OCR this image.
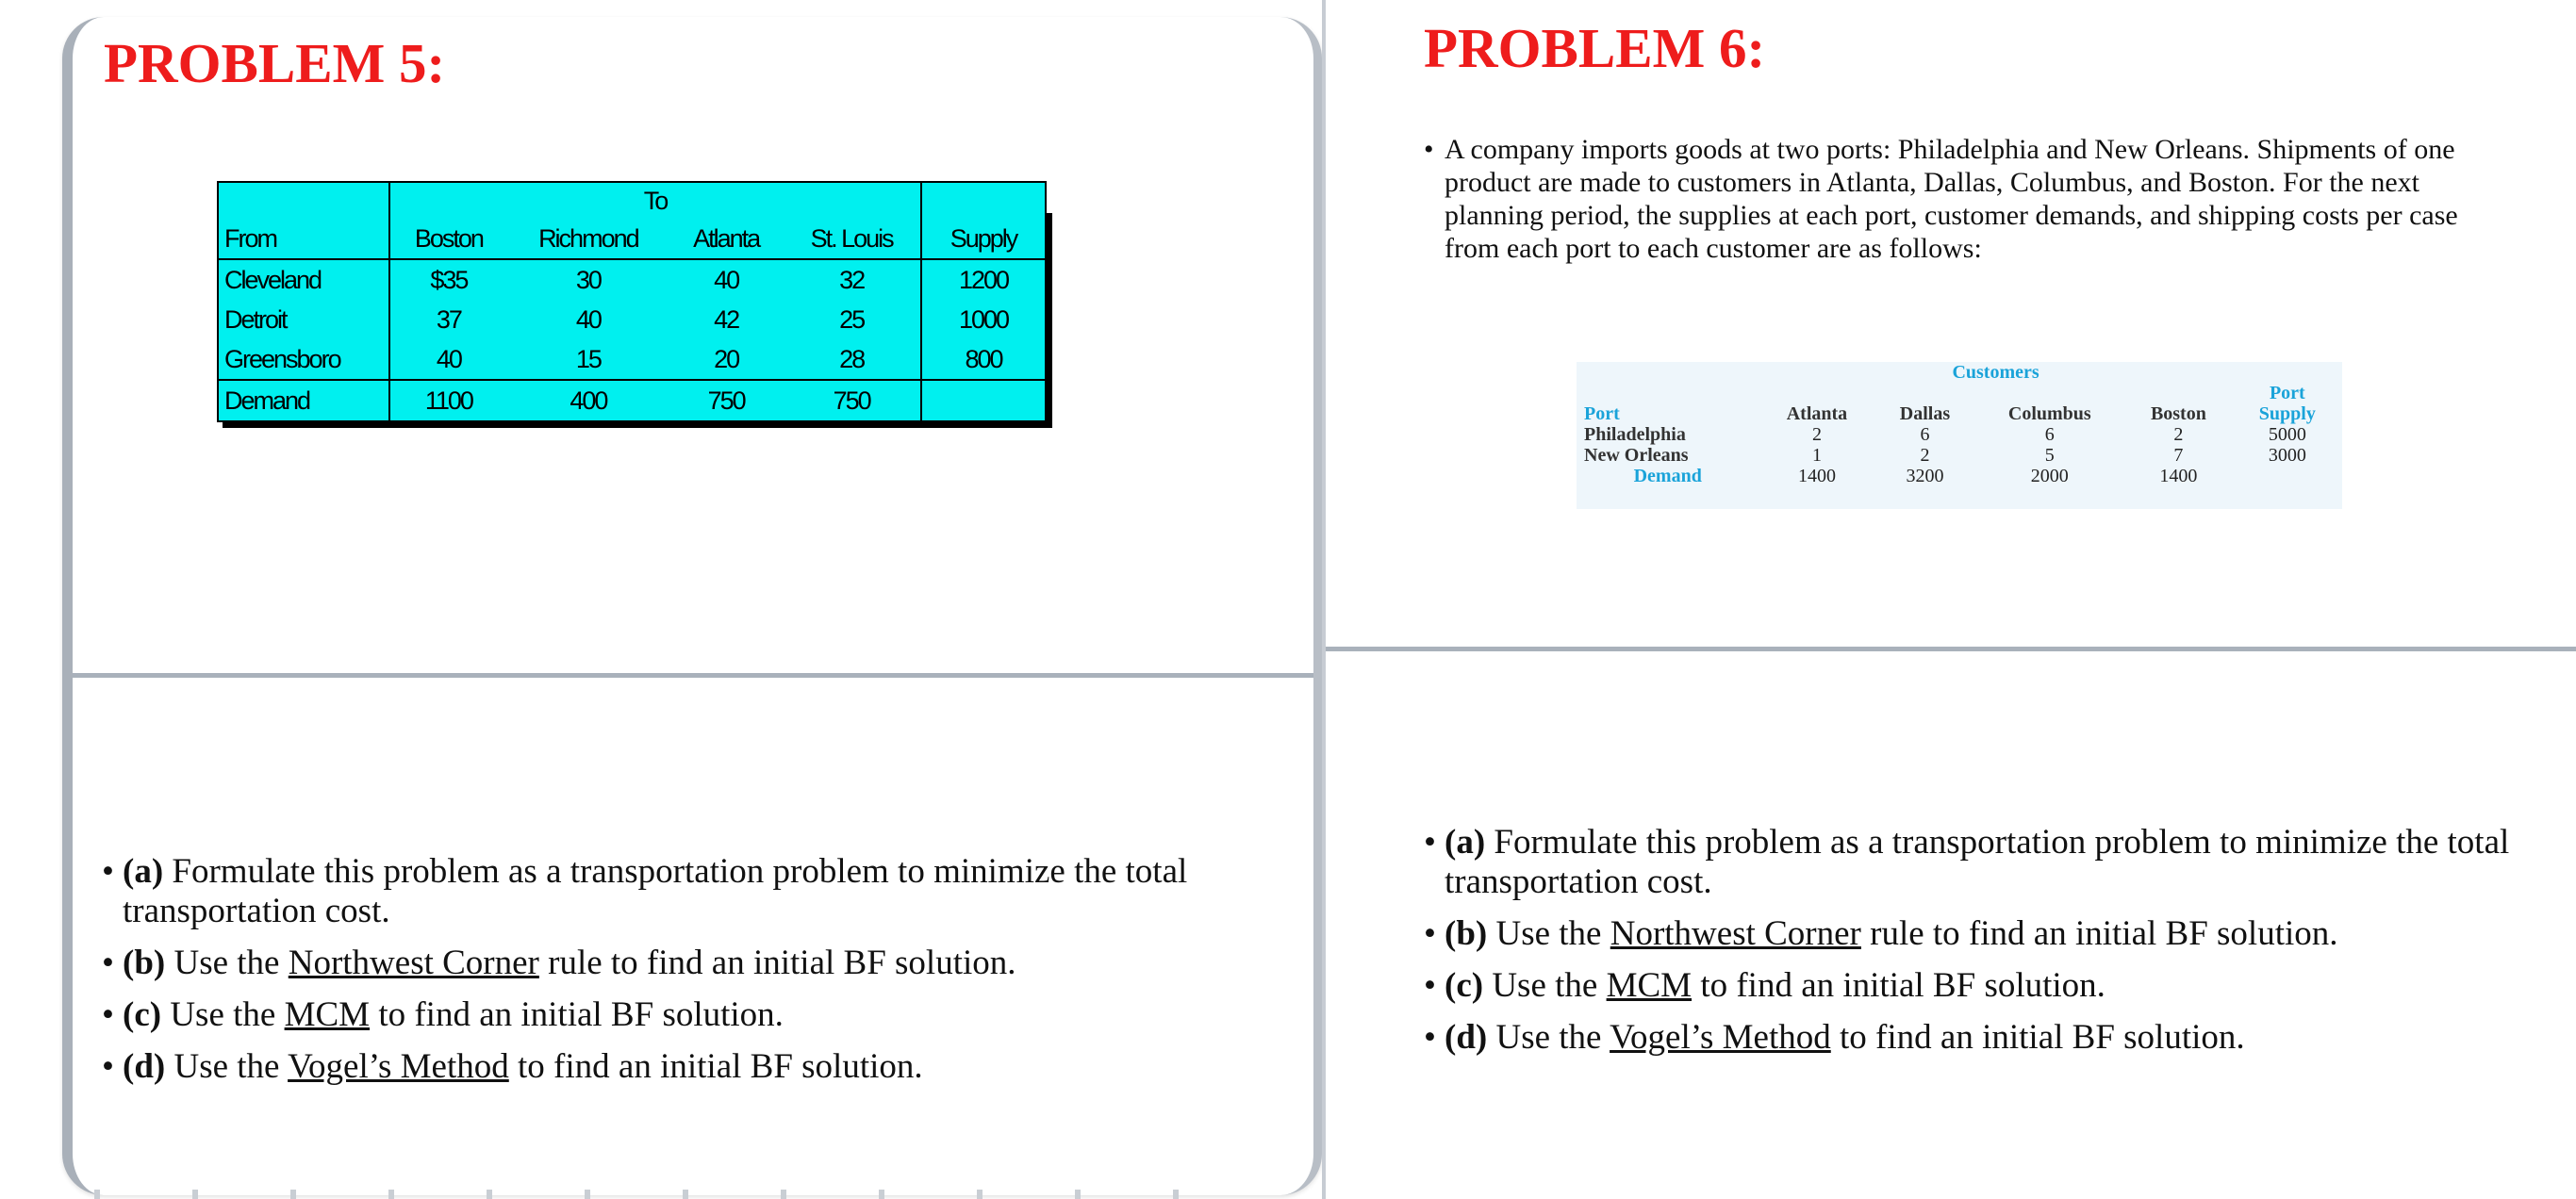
PROBLEM 5:
	To				
From	Boston	Richmond	Atlanta	St. Louis	Supply
Cleveland	$35	30	40	32	1200
Detroit	37	40	42	25	1000
Greensboro	40	15	20	28	800
Demand	1100	400	750	750	
• (a) Formulate this problem as a transportation problem to minimize the total transportation cost.
• (b) Use the Northwest Corner rule to find an initial BF solution.
• (c) Use the MCM to find an initial BF solution.
• (d) Use the Vogel’s Method to find an initial BF solution.
PROBLEM 6:
• A company imports goods at two ports: Philadelphia and New Orleans. Shipments of one product are made to customers in Atlanta, Dallas, Columbus, and Boston. For the next planning period, the supplies at each port, customer demands, and shipping costs per case from each port to each customer are as follows:
• (a) Formulate this problem as a transportation problem to minimize the total transportation cost.
• (b) Use the Northwest Corner rule to find an initial BF solution.
• (c) Use the MCM to find an initial BF solution.
• (d) Use the Vogel’s Method to find an initial BF solution.
	Customers				
					Port
Port	Atlanta	Dallas	Columbus	Boston	Supply

Philadelphia	2	6	6	2	5000
New Orleans	1	2	5	7	3000

Demand	1400	3200	2000	1400	
